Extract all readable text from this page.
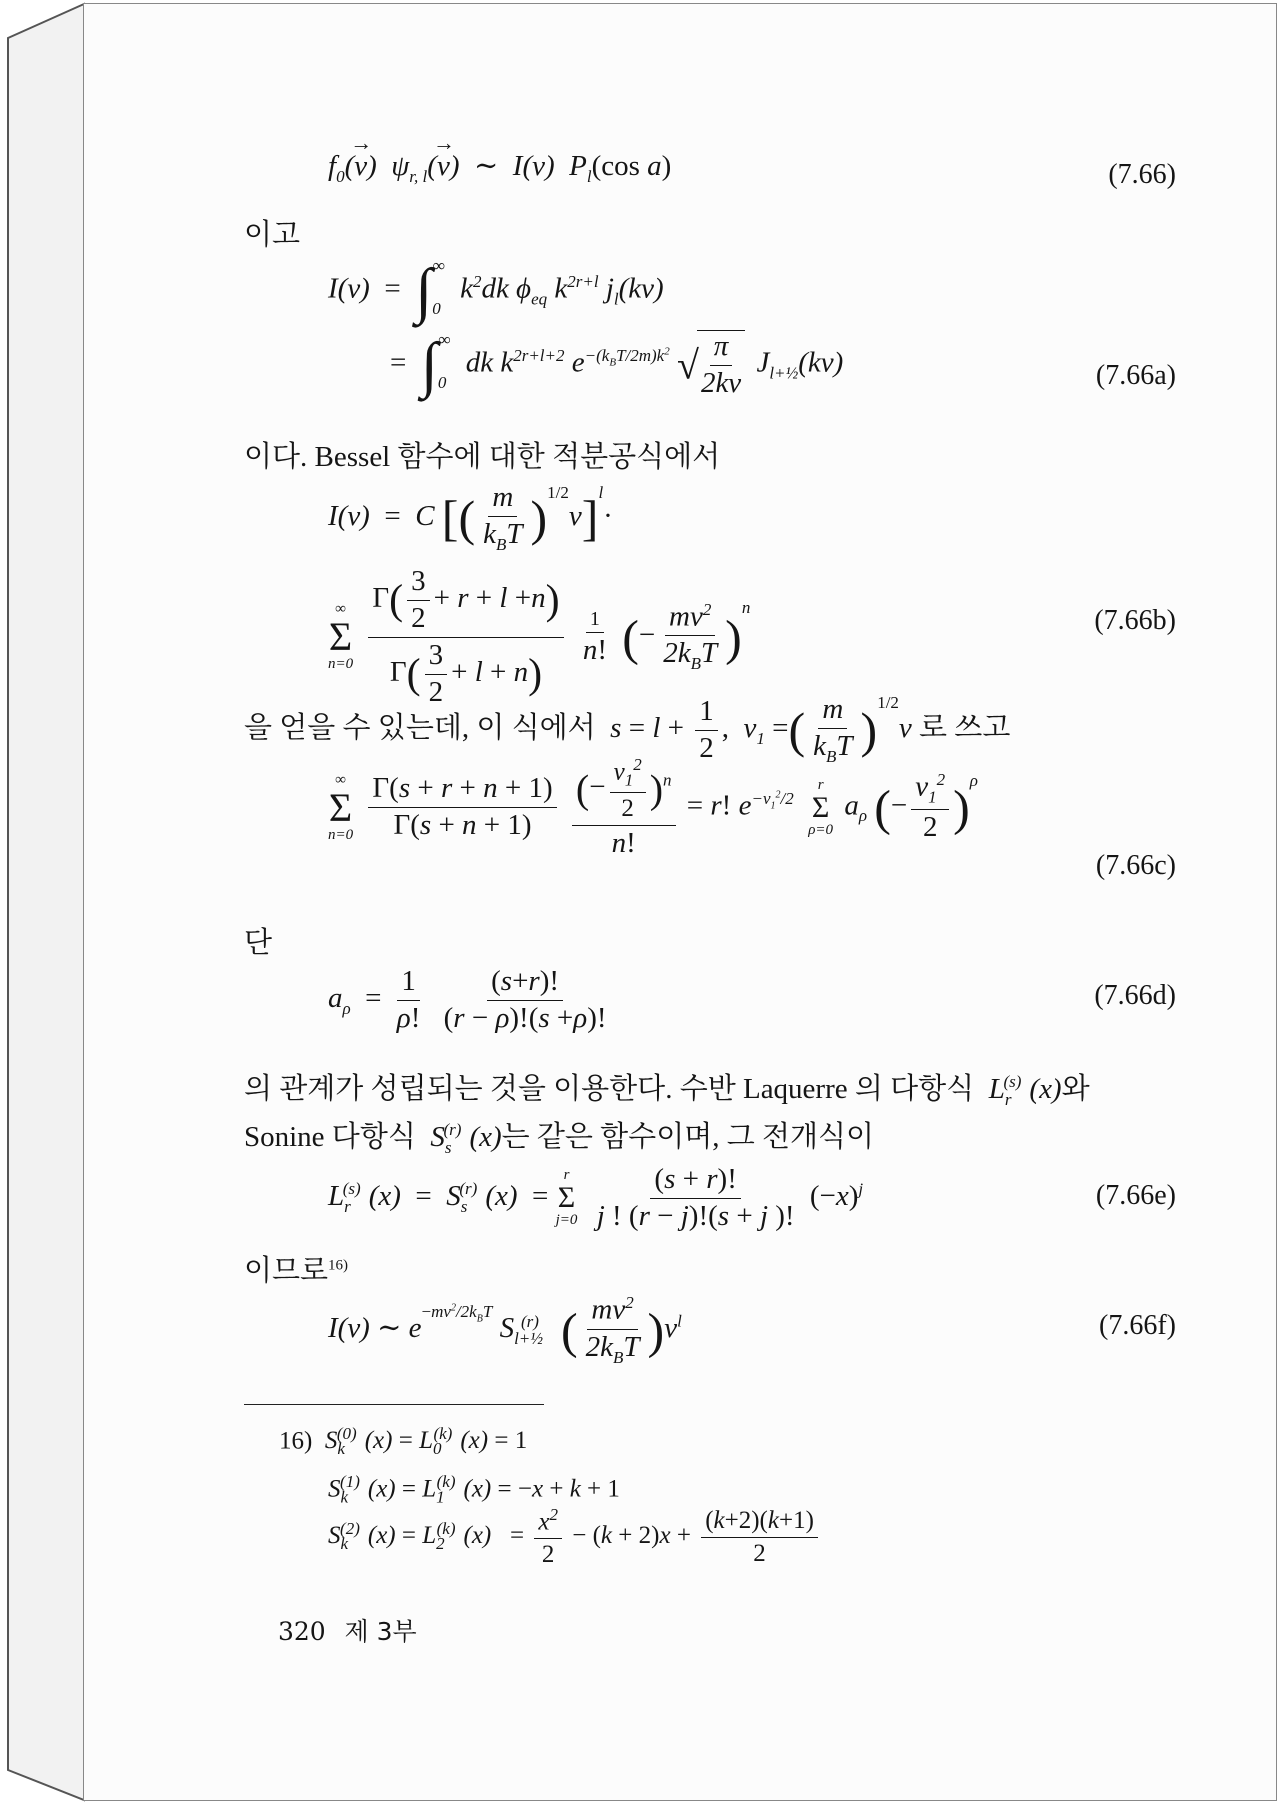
$f_0(v$
→
)  $\psi_{r, l}(v$
→
)  ∼  I(v)  $P_l(\cos$ a)	(7.66)
이고
$I(v) = \int_0^\infty$ $k^2dk$ $\phi_{eq}$ $k^{2r+l}$ $j_l(kv)$
= $\int_0^\infty$ dk $k^{2r+l+2}$ $e^{-(k_BT/2m)k^2}$ √
$\frac{\pi}{2kv} J_{l+\frac{1}{2}}(kv)$	(7.66a)
이다. Bessel 함수에 대한 적분공식에서
I(v)  =  C [( $\frac{m}{k_BT} )^{1/2}v]^l\cdot$
∞
Σ
n=0
$\frac{\Gamma( \frac{3}{2} + r + l +n)}{\Gamma( \frac{3}{2} + l + n)}$
$\frac{1}{n!}$ (− $\frac{mv^2}{2k_BT} )^n$	(7.66b)
을 얻을 수 있는데, 이 식에서  $s = l + \frac{1}{2}$ ,  $v_1$ =( $\frac{m}{k_BT} )^{1/2}v$ 로 쓰고
∞
Σ
n=0
$\frac{\Gamma(s + r + n + 1)}{\Gamma(s + n + 1)}$
$\frac{(- \frac{v_1^2}{2} )^n}{n!} = r$! $e^{-v_1^2/2}$
r
Σ
ρ=0
$a_\rho$ (− $\frac{v_1^2}{2} )^\rho$
(7.66c)
단
$a_\rho = \frac{1}{\rho!}$
$\frac{(s+r)!}{(r - \rho)!(s +\rho)!}$	(7.66d)
의 관계가 성립되는 것을 이용한다. 수반 Laquerre 의 다항식  $L_r^{(s)}$ (x)와
Sonine 다항식  $S_s^{(r)}$ (x)는 같은 함수이며, 그 전개식이
$L_r^{(s)}$ $(x) = S_s^{(r)}$ (x)  =
r
Σ
j=0
$\frac{(s + r)!}{j ! (r - j)!(s + j )!} (-x)^j$	(7.66e)
이므로$^{16)}$
I(v) ∼ $e^{-mv^2/2k_BT}$ $S_{l+\frac{1}{2}}^{(r)}$ ( $\frac{mv^2}{2k_BT} )v^l$	(7.66f)
16)  $S_k^{(0)}$ $(x) = L_0^{(k)}$ (x) = 1
$S_k^{(1)}$ $(x) = L_1^{(k)}$ (x) = −x + k + 1
$S_k^{(2)}$ $(x) = L_2^{(k)}$ $(x) = \frac{x^2}{2} - (k + 2)x + \frac{(k+2)(k+1)}{2}$
320 제 3부
